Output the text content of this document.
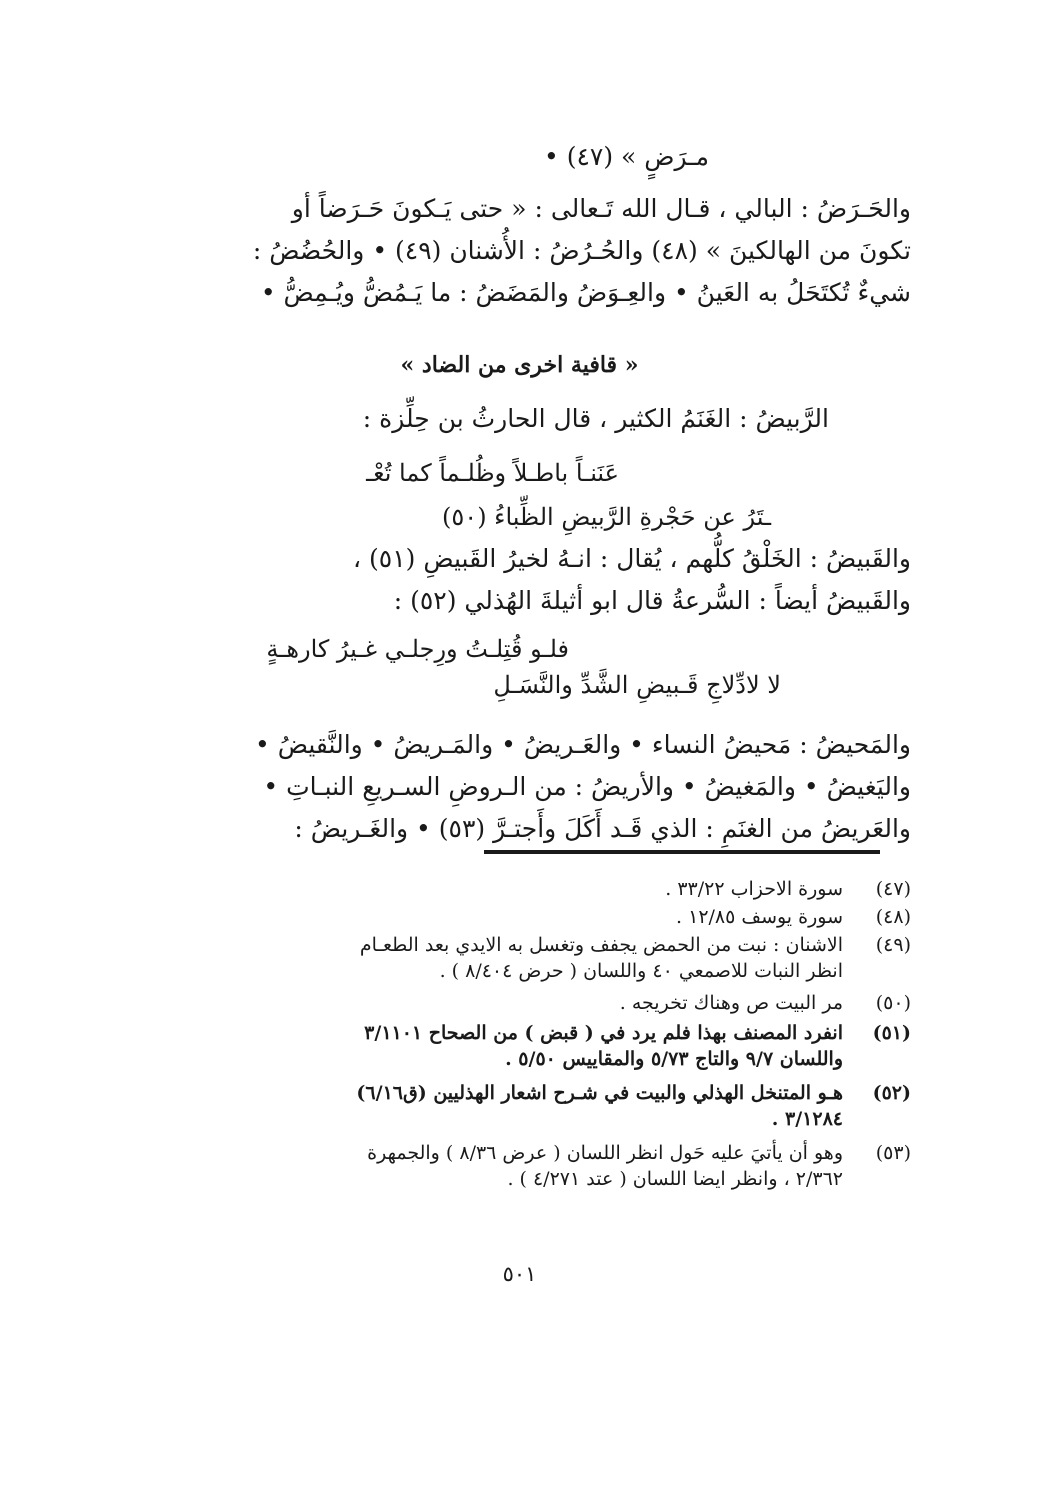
مـرَضٍ » (٤٧) •
والحَـرَضُ : البالي ، قـال الله تَـعالى : « حتى يَـكونَ حَـرَضاً أو
تكونَ من الهالكينَ » (٤٨) والحُـرُضُ : الأُشنان (٤٩) • والحُضُضُ :
شيءٌ تُكتَحَلُ به العَينُ • والعِـوَضُ والمَضَضُ : ما يَـمُضُّ ويُـمِضُّ •
« قافية اخرى من الضاد »
الرَّبيضُ : الغَنَمُ الكثير ، قال الحارثُ بن حِلِّزة :
عَنَنـاً باطـلاً وظُلـماً كما تُعْـ
ـتَرُ عن حَجْرةِ الرَّبيضِ الظِّباءُ (٥٠)
والقَبيضُ : الخَلْقُ كلُّهم ، يُقال : انـهُ لخيرُ القَبيضِ (٥١) ،
والقَبيضُ أيضاً : السُّرعةُ قال ابو أثيلةَ الهُذلي (٥٢) :
فلـو قُتِلـتُ ورِجلـي غـيرُ كارهـةٍ
لا لادِّلاجِ قَـبيضِ الشَّدِّ والنَّسَـلِ
والمَحيضُ : مَحيضُ النساء • والعَـريضُ • والمَـريضُ • والنَّقيضُ •
واليَغيضُ • والمَغيضُ • والأريضُ : من الـروضِ السـريعِ النبـاتِ •
والعَريضُ من الغنَمِ : الذي قَـد أَكَلَ وأَجتـرَّ (٥٣) • والغَـريضُ :
(٤٧)
سورة الاحزاب ٣٣/٢٢ .
(٤٨)
سورة يوسف ١٢/٨٥ .
(٤٩)
الاشنان : نبت من الحمض يجفف وتغسل به الايدي بعد الطعـام
انظر النبات للاصمعي ٤٠ واللسان ( حرض ٨/٤٠٤ ) .
(٥٠)
مر البيت ص وهناك تخريجه .
(٥١)
انفرد المصنف بهذا فلم يرد في ( قبض ) من الصحاح ٣/١١٠١
واللسان ٩/٧ والتاج ٥/٧٣ والمقاييس ٥/٥٠ .
(٥٢)
هـو المتنخل الهذلي والبيت في شـرح اشعار الهذليين (ق٦/١٦)
٣/١٢٨٤ .
(٥٣)
وهو أن يأتيَ عليه حَول انظر اللسان ( عرض ٨/٣٦ ) والجمهرة
٢/٣٦٢ ، وانظر ايضا اللسان ( عتد ٤/٢٧١ ) .
٥٠١
